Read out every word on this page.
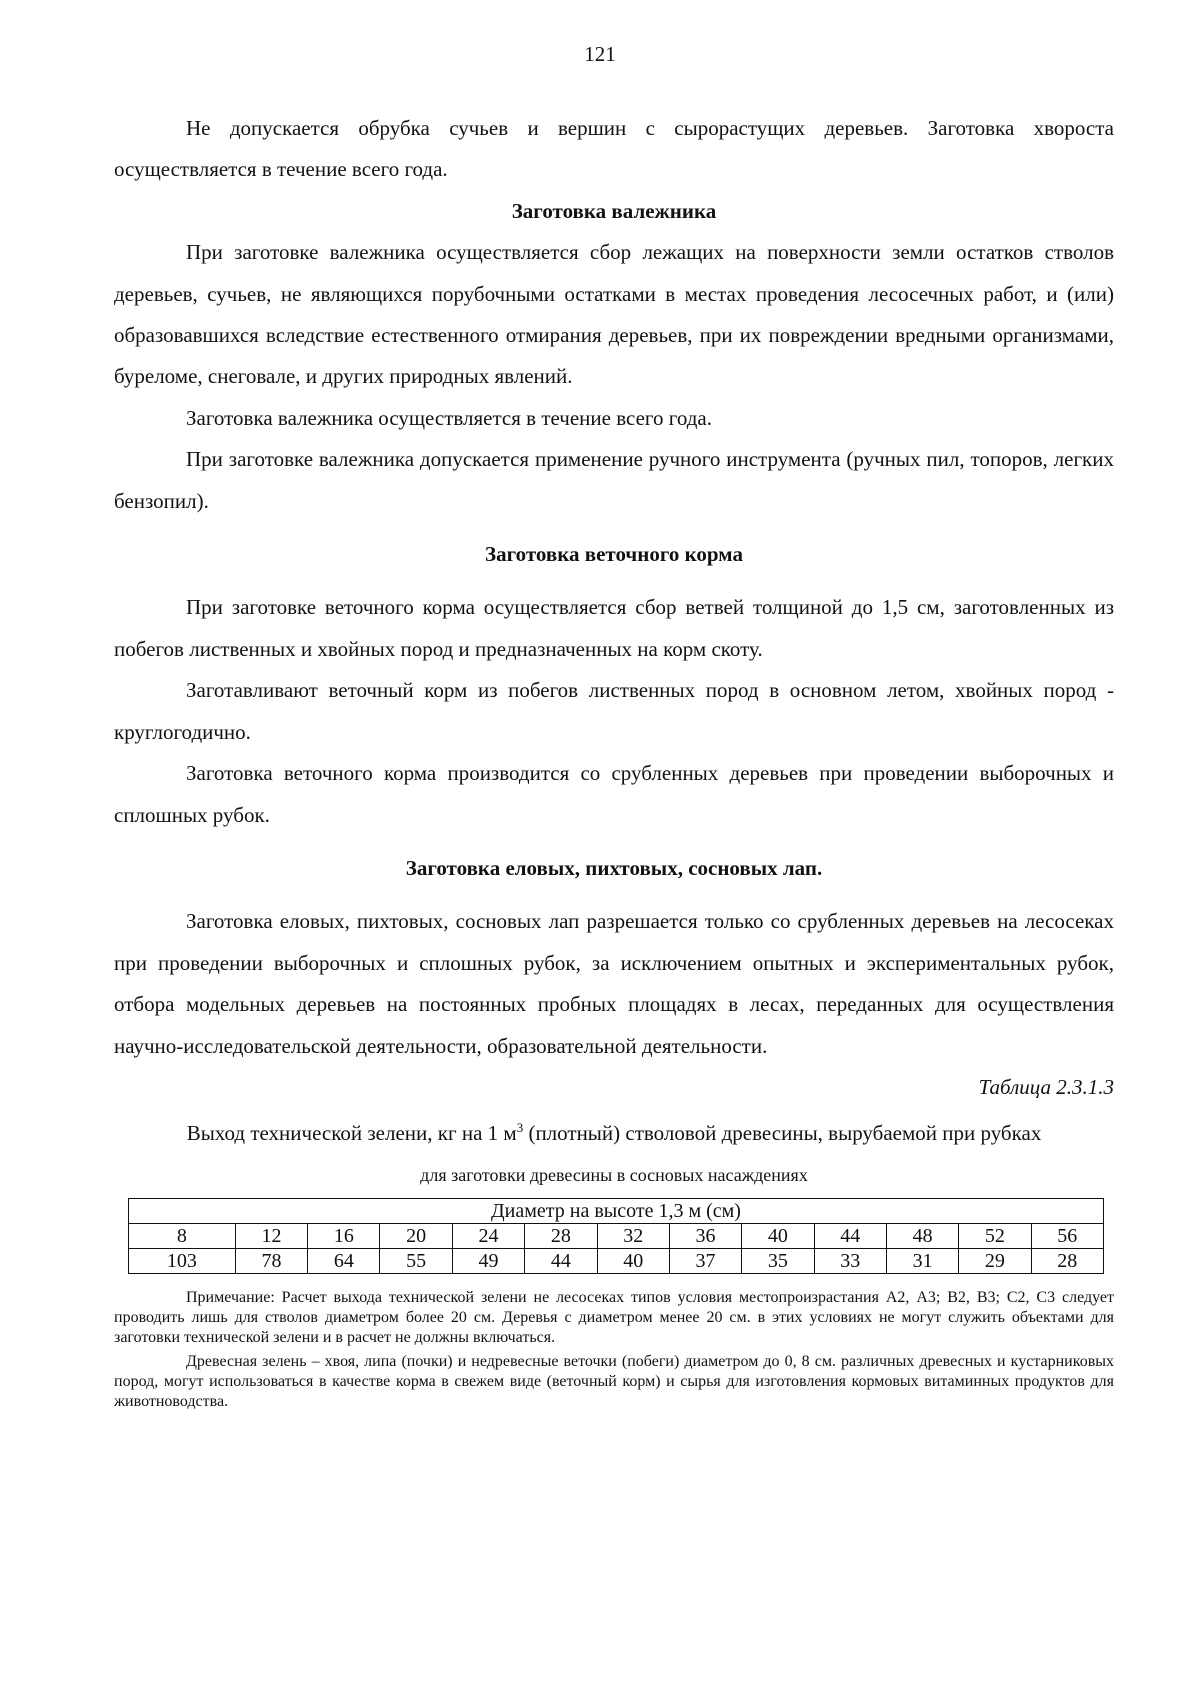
121

Не допускается обрубка сучьев и вершин с сырорастущих деревьев. Заготовка хвороста осуществляется в течение всего года.

Заготовка валежника

При заготовке валежника осуществляется сбор лежащих на поверхности земли остатков стволов деревьев, сучьев, не являющихся порубочными остатками в местах проведения лесосечных работ, и (или) образовавшихся вследствие естественного отмирания деревьев, при их повреждении вредными организмами, буреломе, снеговале, и других природных явлений.

Заготовка валежника осуществляется в течение всего года.

При заготовке валежника допускается применение ручного инструмента (ручных пил, топоров, легких бензопил).

Заготовка веточного корма

При заготовке веточного корма осуществляется сбор ветвей толщиной до 1,5 см, заготовленных из побегов лиственных и хвойных пород и предназначенных на корм скоту.

Заготавливают веточный корм из побегов лиственных пород в основном летом, хвойных пород - круглогодично.

Заготовка веточного корма производится со срубленных деревьев при проведении выборочных и сплошных рубок.

Заготовка еловых, пихтовых, сосновых лап.

Заготовка еловых, пихтовых, сосновых лап разрешается только со срубленных деревьев на лесосеках при проведении выборочных и сплошных рубок, за исключением опытных и экспериментальных рубок, отбора модельных деревьев на постоянных пробных площадях в лесах, переданных для осуществления научно-исследовательской деятельности, образовательной деятельности.

Таблица 2.3.1.3
Выход технической зелени, кг на 1 $м^3$ (плотный) стволовой древесины, вырубаемой при рубках
для заготовки древесины в сосновых насаждениях
Диаметр на высоте 1,3 м (см)												
8	12	16	20	24	28	32	36	40	44	48	52	56
103	78	64	55	49	44	40	37	35	33	31	29	28

Примечание: Расчет выхода технической зелени не лесосеках типов условия местопроизрастания А2, А3; В2, В3; С2, С3 следует проводить лишь для стволов диаметром более 20 см. Деревья с диаметром менее 20 см. в этих условиях не могут служить объектами для заготовки технической зелени и в расчет не должны включаться.

Древесная зелень – хвоя, липа (почки) и недревесные веточки (побеги) диаметром до 0, 8 см. различных древесных и кустарниковых пород, могут использоваться в качестве корма в свежем виде (веточный корм) и сырья для изготовления кормовых витаминных продуктов для животноводства.
